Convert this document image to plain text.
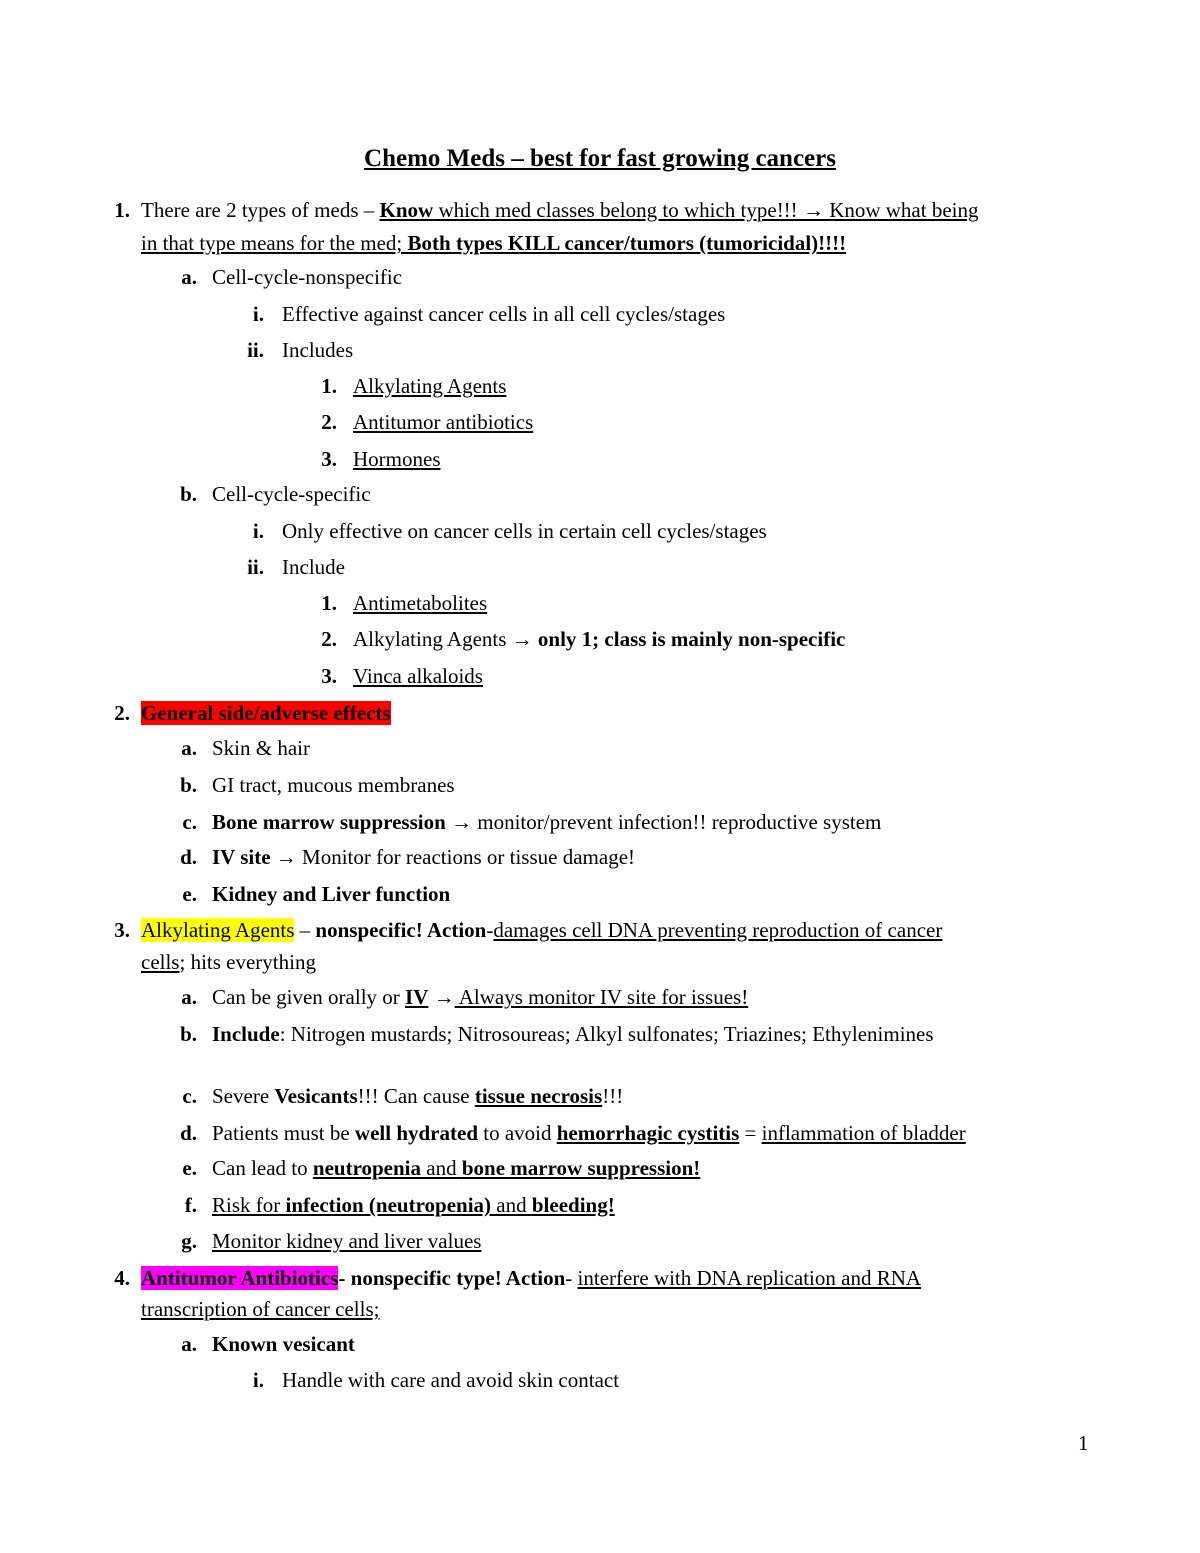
Chemo Meds – best for fast growing cancers
1. There are 2 types of meds – Know which med classes belong to which type!!! → Know what being
in that type means for the med; Both types KILL cancer/tumors (tumoricidal)!!!!
a. Cell-cycle-nonspecific
i. Effective against cancer cells in all cell cycles/stages
ii. Includes
1. Alkylating Agents
2. Antitumor antibiotics
3. Hormones
b. Cell-cycle-specific
i. Only effective on cancer cells in certain cell cycles/stages
ii. Include
1. Antimetabolites
2. Alkylating Agents → only 1; class is mainly non-specific
3. Vinca alkaloids
2. General side/adverse effects
a. Skin & hair
b. GI tract, mucous membranes
c. Bone marrow suppression → monitor/prevent infection!! reproductive system
d. IV site → Monitor for reactions or tissue damage!
e. Kidney and Liver function
3. Alkylating Agents – nonspecific! Action-damages cell DNA preventing reproduction of cancer
cells; hits everything
a. Can be given orally or IV → Always monitor IV site for issues!
b. Include: Nitrogen mustards; Nitrosoureas; Alkyl sulfonates; Triazines; Ethylenimines
c. Severe Vesicants!!! Can cause tissue necrosis!!!
d. Patients must be well hydrated to avoid hemorrhagic cystitis = inflammation of bladder
e. Can lead to neutropenia and bone marrow suppression!
f. Risk for infection (neutropenia) and bleeding!
g. Monitor kidney and liver values
4. Antitumor Antibiotics- nonspecific type! Action- interfere with DNA replication and RNA
transcription of cancer cells;
a. Known vesicant
i. Handle with care and avoid skin contact
1
